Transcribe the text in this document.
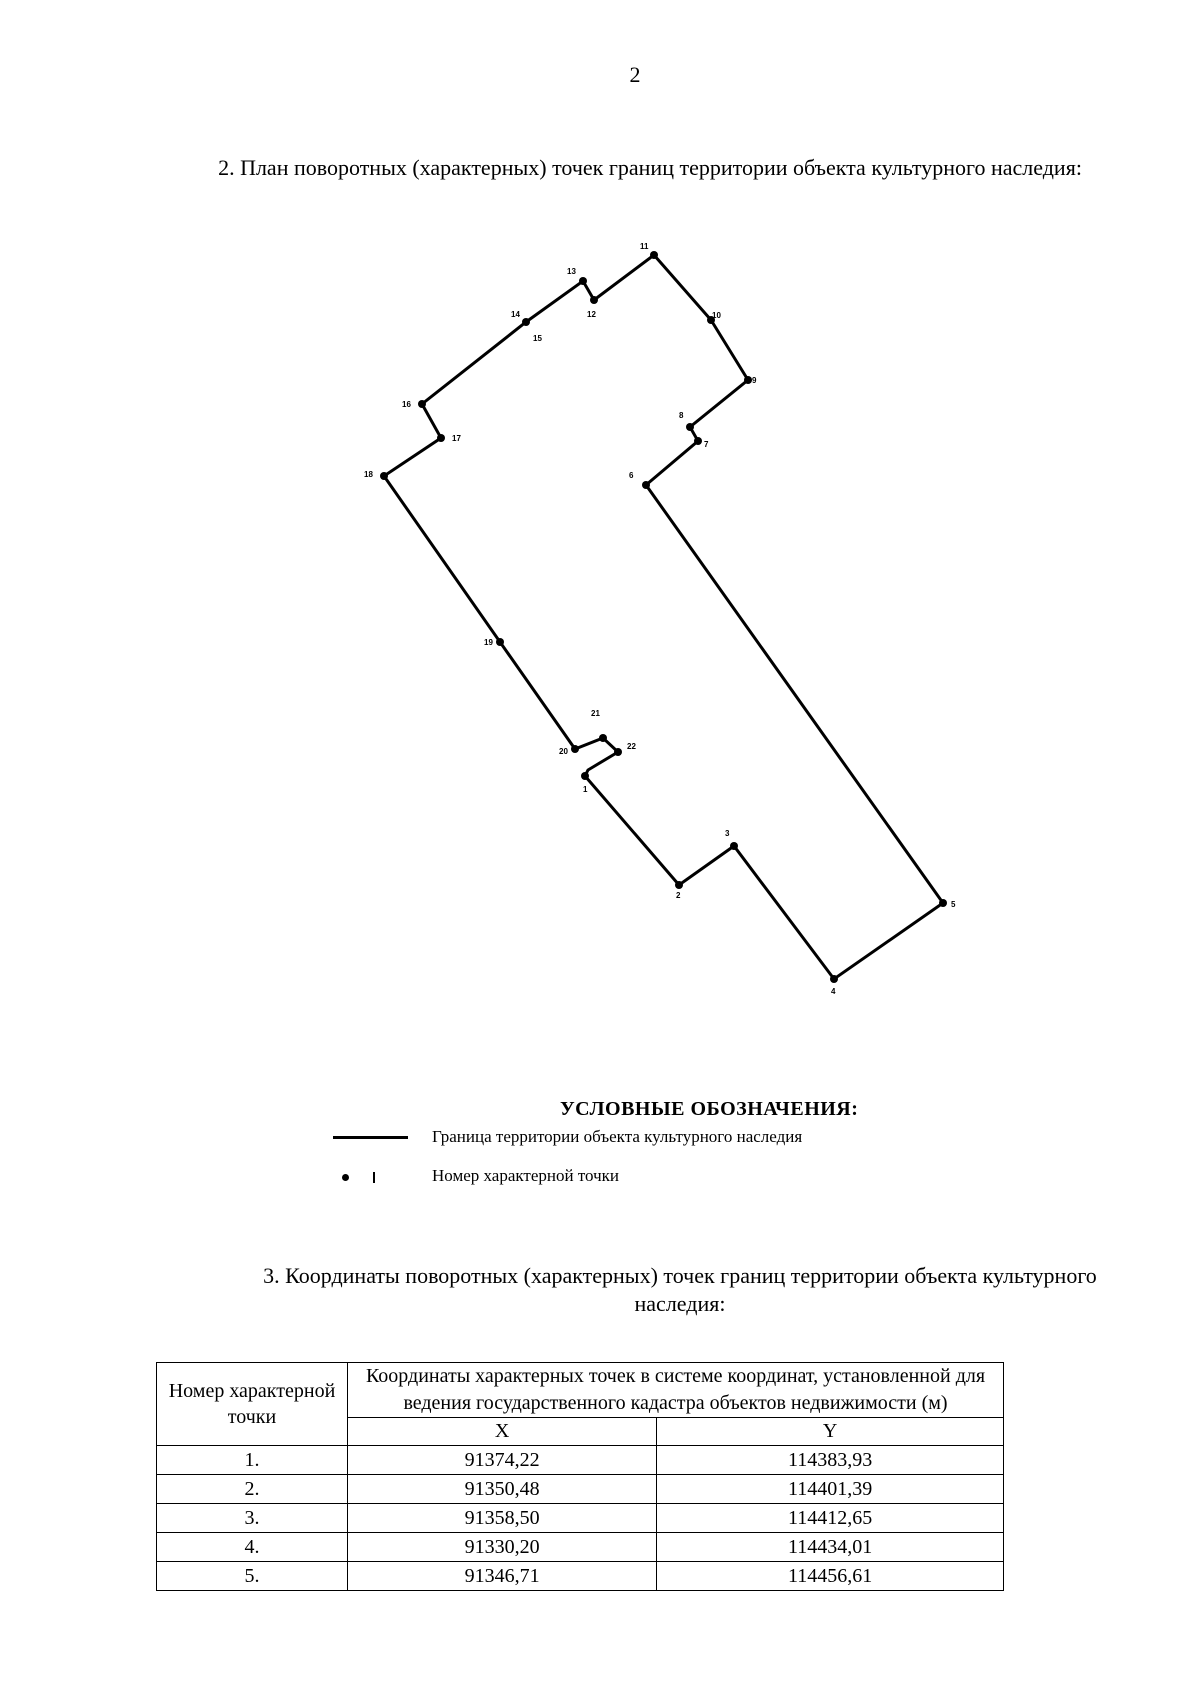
2
2. План поворотных (характерных) точек границ территории объекта культурного наследия:
1
2
3
4
5
6
7
8
9
10
11
12
13
14
15
16
17
18
19
20
21
22
УСЛОВНЫЕ ОБОЗНАЧЕНИЯ:
Граница территории объекта культурного наследия
Номер характерной точки
3. Координаты поворотных (характерных) точек границ территории объекта культурного наследия:
Номер характерной точки	Координаты характерных точек в системе координат, установленной для ведения государственного кадастра объектов недвижимости (м)	
	X	Y
1.	91374,22	114383,93
2.	91350,48	114401,39
3.	91358,50	114412,65
4.	91330,20	114434,01
5.	91346,71	114456,61
